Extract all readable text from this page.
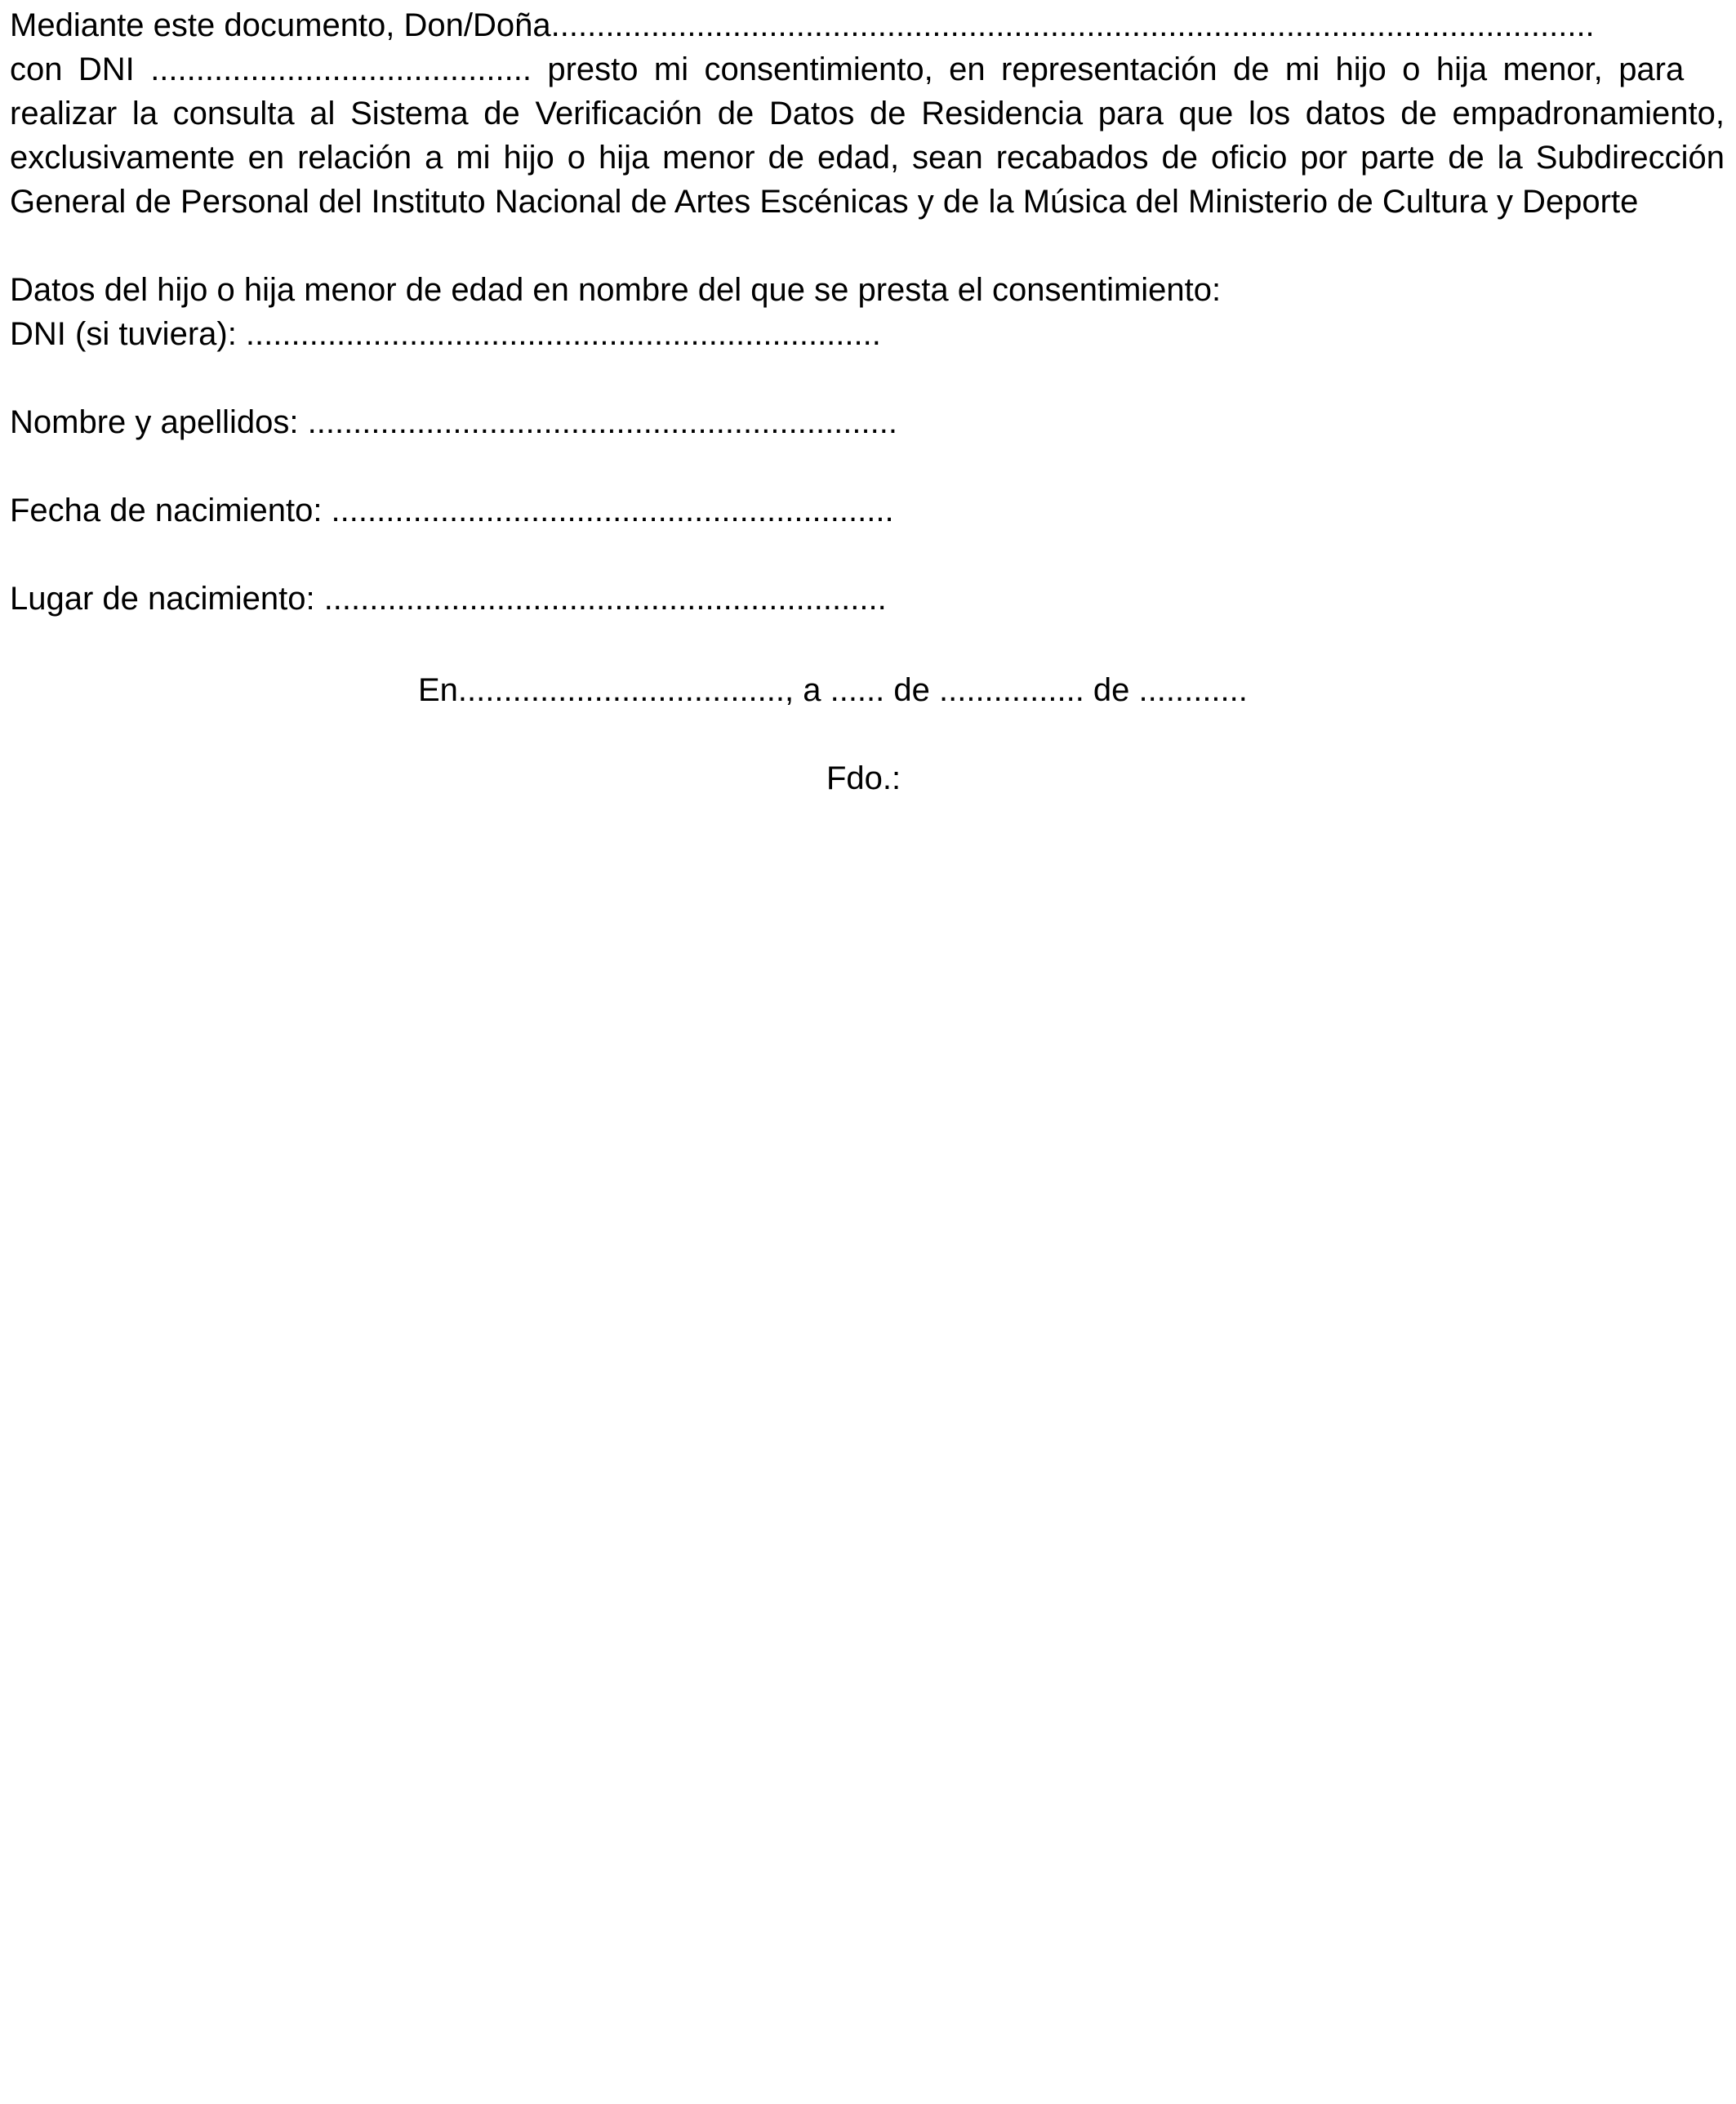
Mediante este documento, Don/Doña ...................................................................................................................
con DNI .......................................... presto mi consentimiento, en representación de mi hijo o hija menor, para
realizar la consulta al Sistema de Verificación de Datos de Residencia para que los datos de empadronamiento,
exclusivamente en relación a mi hijo o hija menor de edad, sean recabados de oficio por parte de la Subdirección
General de Personal del Instituto Nacional de Artes Escénicas y de la Música del Ministerio de Cultura y Deporte
Datos del hijo o hija menor de edad en nombre del que se presta el consentimiento:
DNI (si tuviera): ......................................................................
Nombre y apellidos: .................................................................
Fecha de nacimiento: ..............................................................
Lugar de nacimiento: ..............................................................
En...................................., a ...... de ................ de ............
Fdo.:
